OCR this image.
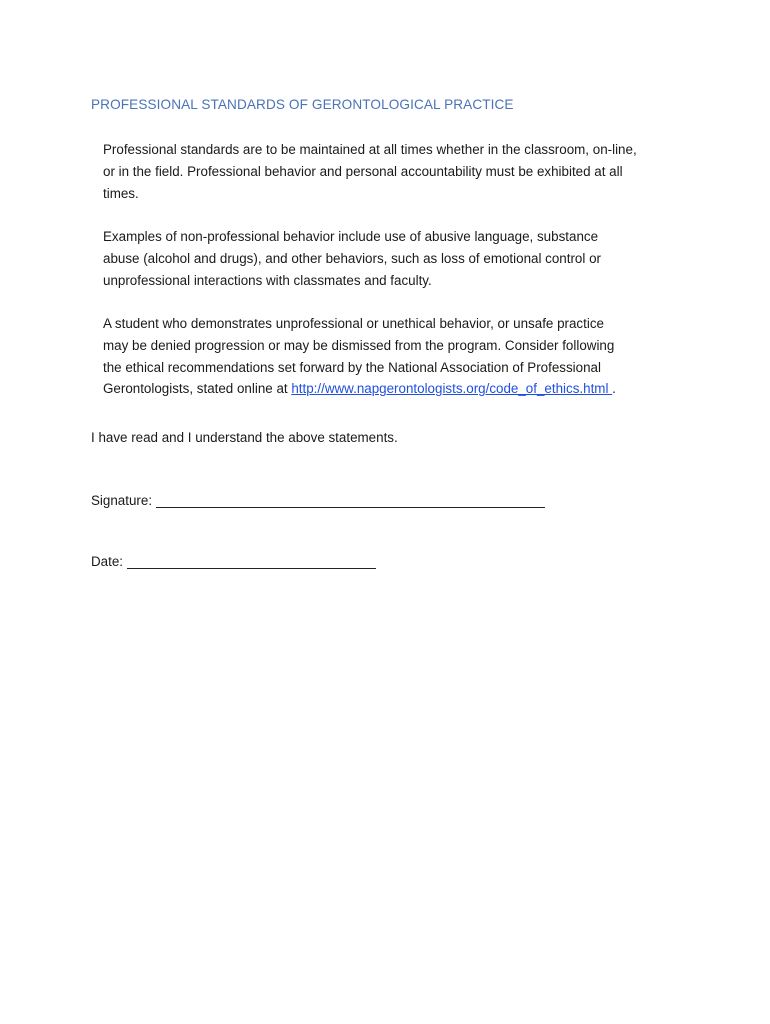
PROFESSIONAL STANDARDS OF GERONTOLOGICAL PRACTICE
Professional standards are to be maintained at all times whether in the classroom, on-line,
or in the field. Professional behavior and personal accountability must be exhibited at all
times.
Examples of non-professional behavior include use of abusive language, substance
abuse (alcohol and drugs), and other behaviors, such as loss of emotional control or
unprofessional interactions with classmates and faculty.
A student who demonstrates unprofessional or unethical behavior, or unsafe practice
may be denied progression or may be dismissed from the program. Consider following
the ethical recommendations set forward by the National Association of Professional
Gerontologists, stated online at http://www.napgerontologists.org/code_of_ethics.html .
I have read and I understand the above statements.
Signature:
Date:
